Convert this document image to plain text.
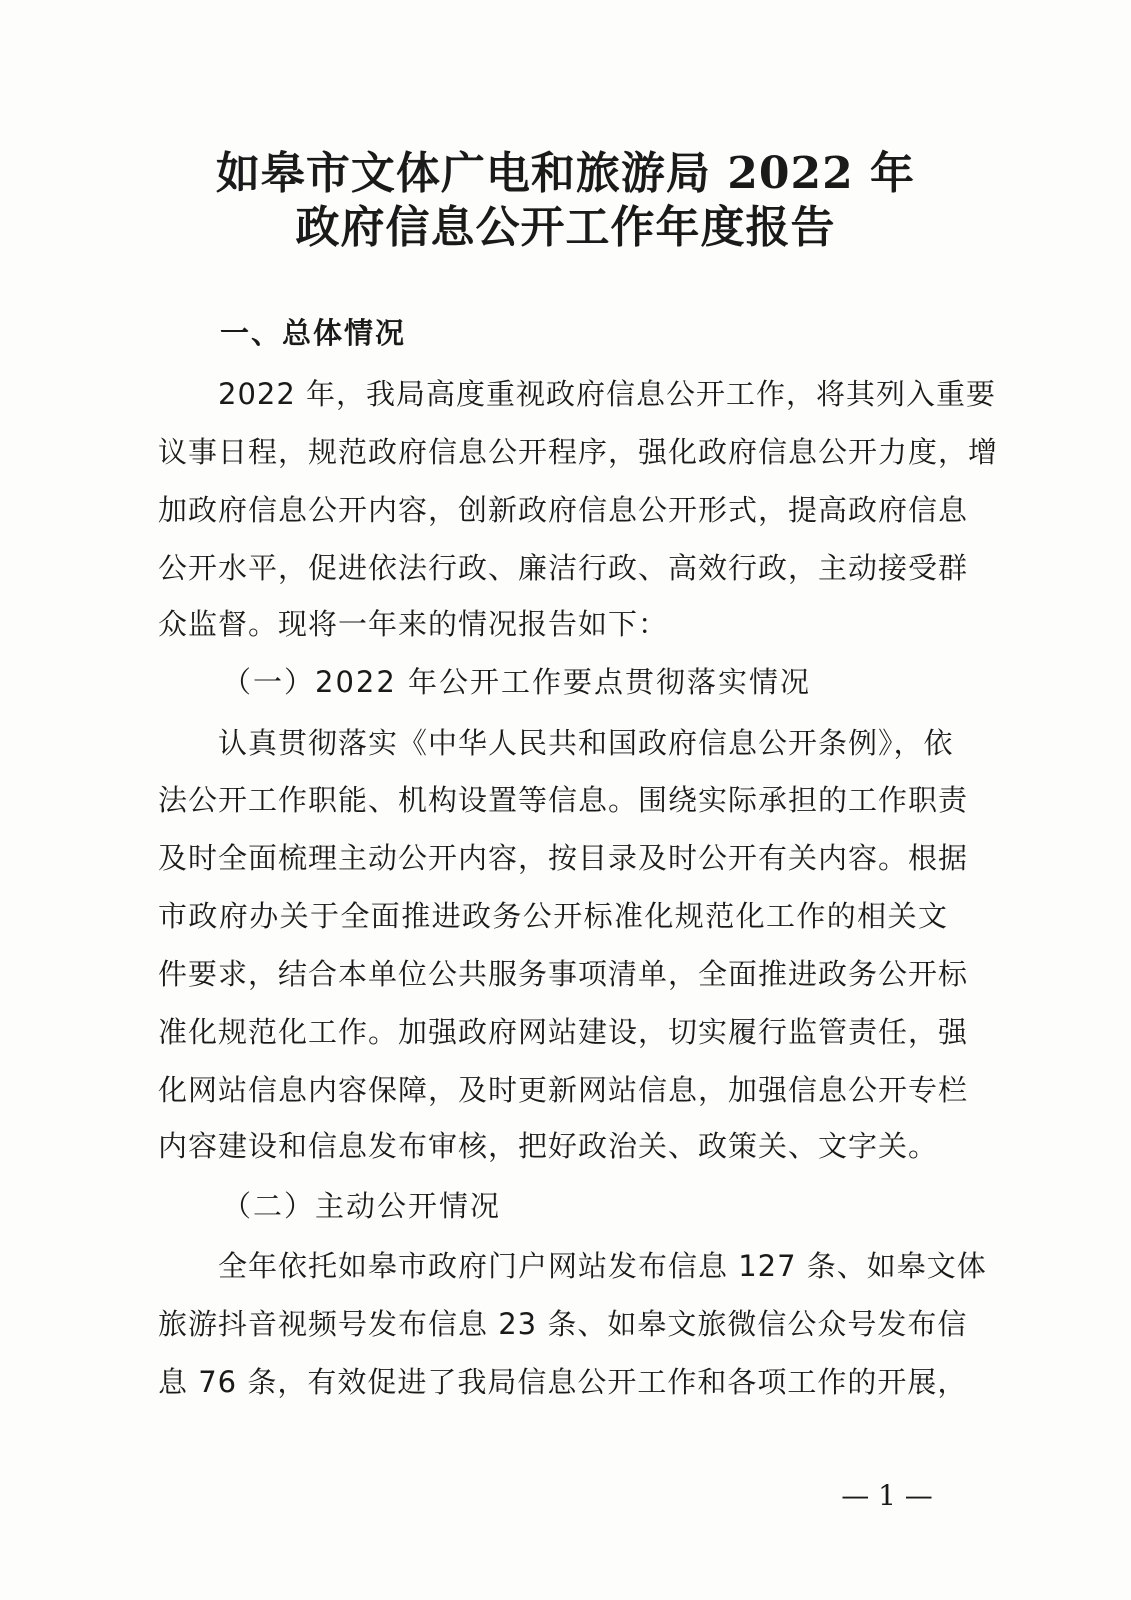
如皋市文体广电和旅游局 2022 年
政府信息公开工作年度报告
一、总体情况
2022 年，我局高度重视政府信息公开工作，将其列入重要
议事日程，规范政府信息公开程序，强化政府信息公开力度，增
加政府信息公开内容，创新政府信息公开形式，提高政府信息
公开水平，促进依法行政、廉洁行政、高效行政，主动接受群
众监督。现将一年来的情况报告如下：
（一）2022 年公开工作要点贯彻落实情况
认真贯彻落实《中华人民共和国政府信息公开条例》，依
法公开工作职能、机构设置等信息。围绕实际承担的工作职责
及时全面梳理主动公开内容，按目录及时公开有关内容。根据
市政府办关于全面推进政务公开标准化规范化工作的相关文
件要求，结合本单位公共服务事项清单，全面推进政务公开标
准化规范化工作。加强政府网站建设，切实履行监管责任，强
化网站信息内容保障，及时更新网站信息，加强信息公开专栏
内容建设和信息发布审核，把好政治关、政策关、文字关。
（二）主动公开情况
全年依托如皋市政府门户网站发布信息 127 条、如皋文体
旅游抖音视频号发布信息 23 条、如皋文旅微信公众号发布信
息 76 条，有效促进了我局信息公开工作和各项工作的开展，
— 1 —
